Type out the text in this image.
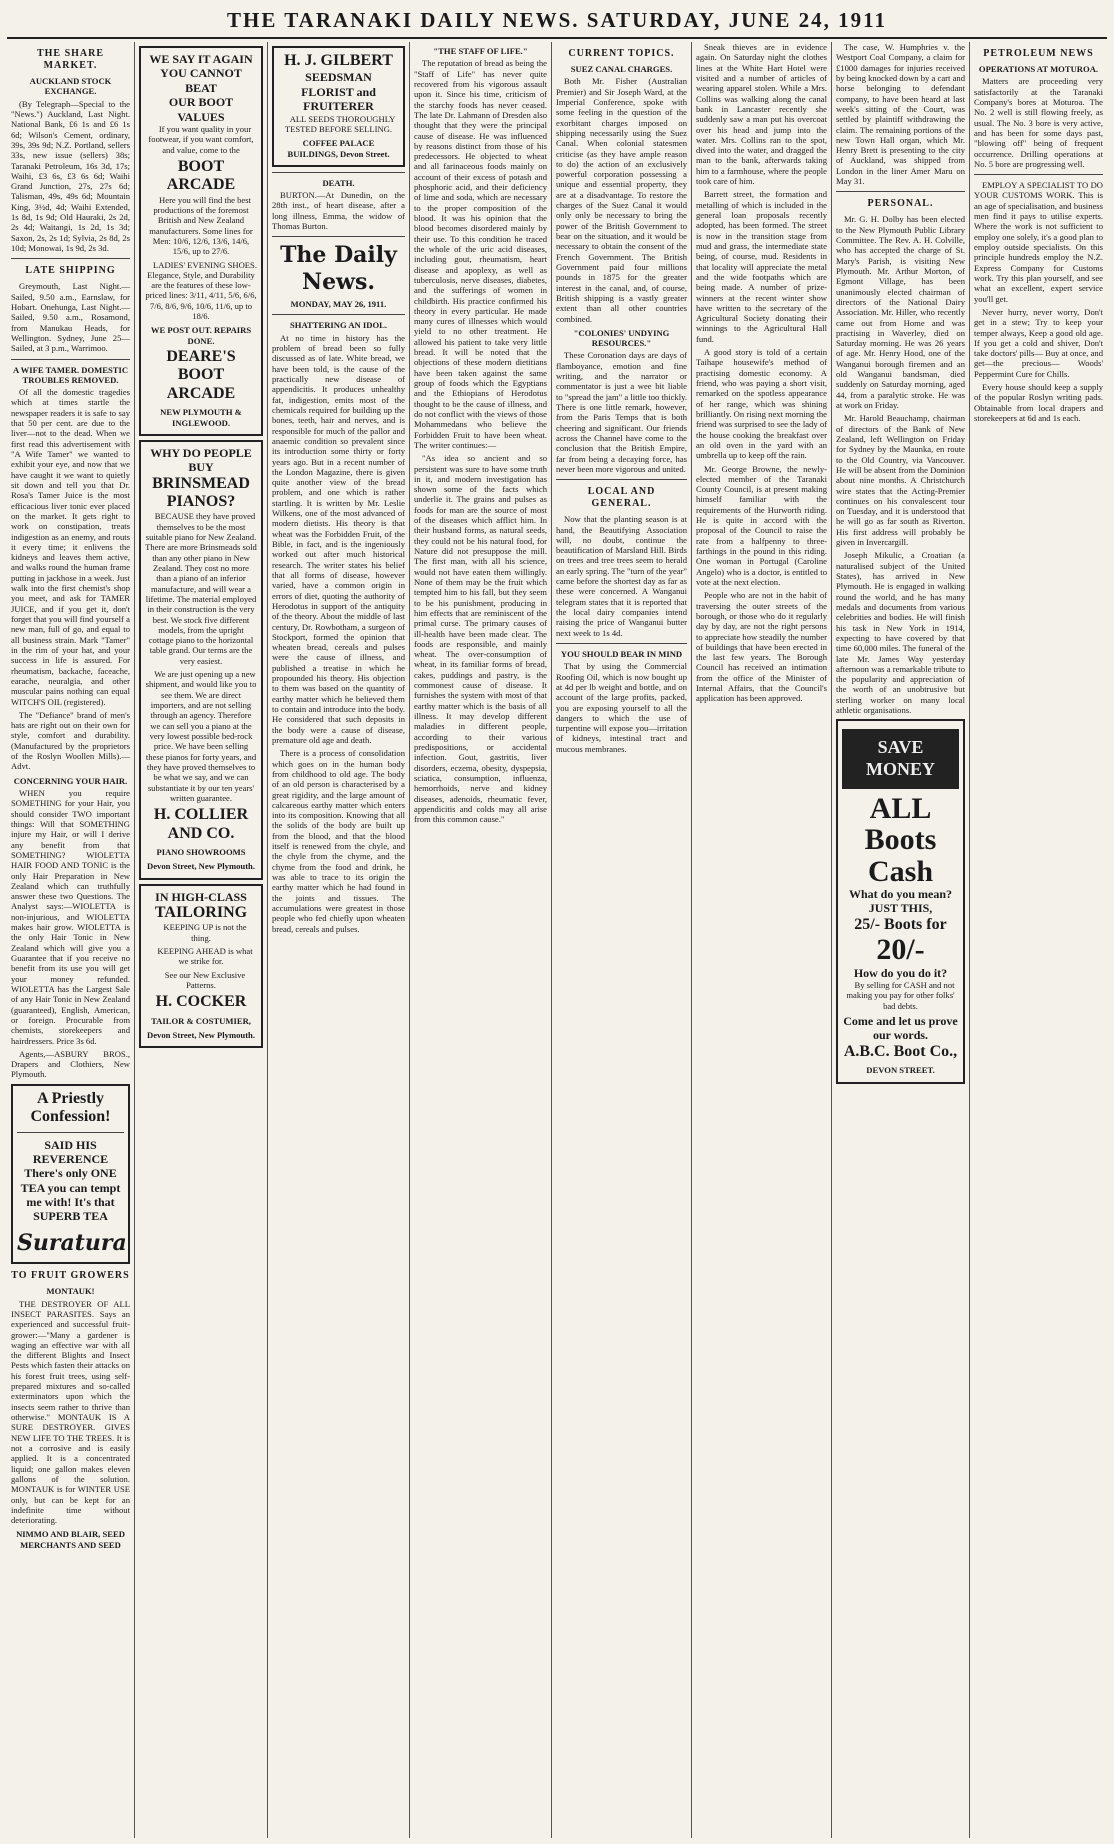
THE TARANAKI DAILY NEWS. SATURDAY, JUNE 24, 1911
THE SHARE MARKET.
AUCKLAND STOCK EXCHANGE.

(By Telegraph—Special to the "News.") Auckland, Last Night. National Bank, £6 1s and £6 1s 6d; Wilson's Cement, ordinary, 39s, 39s 9d; N.Z. Portland, sellers 33s, new issue (sellers) 38s; Taranaki Petroleum, 16s 3d, 17s; Waihi, £3 6s, £3 6s 6d; Waihi Grand Junction, 27s, 27s 6d; Talisman, 49s, 49s 6d; Mountain King, 3½d, 4d; Waihi Extended, 1s 8d, 1s 9d; Old Hauraki, 2s 2d, 2s 4d; Waitangi, 1s 2d, 1s 3d; Saxon, 2s, 2s 1d; Sylvia, 2s 8d, 2s 10d; Monowai, 1s 9d, 2s 3d.

LATE SHIPPING

Greymouth, Last Night.—Sailed, 9.50 a.m., Earnslaw, for Hobart. Onehunga, Last Night.—Sailed, 9.50 a.m., Rosamond, from Manukau Heads, for Wellington. Sydney, June 25—Sailed, at 3 p.m., Warrimoo.

A WIFE TAMER. DOMESTIC TROUBLES REMOVED.

Of all the domestic tragedies which at times startle the newspaper readers it is safe to say that 50 per cent. are due to the liver—not to the dead. When we first read this advertisement with "A Wife Tamer" we wanted to exhibit your eye, and now that we have caught it we want to quietly sit down and tell you that Dr. Rosa's Tamer Juice is the most efficacious liver tonic ever placed on the market. It gets right to work on constipation, treats indigestion as an enemy, and routs it every time; it enlivens the kidneys and leaves them active, and walks round the human frame putting in jackhose in a week. Just walk into the first chemist's shop you meet, and ask for TAMER JUICE, and if you get it, don't forget that you will find yourself a new man, full of go, and equal to all business strain. Mark "Tamer" in the rim of your hat, and your success in life is assured. For rheumatism, backache, faceache, earache, neuralgia, and other muscular pains nothing can equal WITCH'S OIL (registered).

The "Defiance" brand of men's hats are right out on their own for style, comfort and durability. (Manufactured by the proprietors of the Roslyn Woollen Mills).—Advt.

CONCERNING YOUR HAIR.

WHEN you require SOMETHING for your Hair, you should consider TWO important things: Will that SOMETHING injure my Hair, or will I derive any benefit from that SOMETHING? WIOLETTA HAIR FOOD AND TONIC is the only Hair Preparation in New Zealand which can truthfully answer these two Questions. The Analyst says:—WIOLETTA is non-injurious, and WIOLETTA makes hair grow. WIOLETTA is the only Hair Tonic in New Zealand which will give you a Guarantee that if you receive no benefit from its use you will get your money refunded. WIOLETTA has the Largest Sale of any Hair Tonic in New Zealand (guaranteed), English, American, or foreign. Procurable from chemists, storekeepers and hairdressers. Price 3s 6d.

Agents,—ASBURY BROS., Drapers and Clothiers, New Plymouth.

A Priestly
Confession!
SAID HIS REVERENCE
There's only ONE TEA you can tempt me with! It's that
SUPERB TEA
Suratura
TO FRUIT GROWERS
MONTAUK!

THE DESTROYER OF ALL INSECT PARASITES. Says an experienced and successful fruit-grower:—"Many a gardener is waging an effective war with all the different Blights and Insect Pests which fasten their attacks on his forest fruit trees, using self-prepared mixtures and so-called exterminators upon which the insects seem rather to thrive than otherwise." MONTAUK IS A SURE DESTROYER. GIVES NEW LIFE TO THE TREES. It is not a corrosive and is easily applied. It is a concentrated liquid; one gallon makes eleven gallons of the solution. MONTAUK is for WINTER USE only, but can be kept for an indefinite time without deteriorating.

NIMMO AND BLAIR, SEED MERCHANTS AND SEED
WE SAY IT AGAIN
YOU CANNOT BEAT
OUR BOOT VALUES

If you want quality in your footwear, if you want comfort, and value, come to the

BOOT ARCADE

Here you will find the best productions of the foremost British and New Zealand manufacturers. Some lines for Men: 10/6, 12/6, 13/6, 14/6, 15/6, up to 27/6.

LADIES' EVENING SHOES. Elegance, Style, and Durability are the features of these low-priced lines: 3/11, 4/11, 5/6, 6/6, 7/6, 8/6, 9/6, 10/6, 11/6, up to 18/6.

WE POST OUT. REPAIRS DONE.
DEARE'S
BOOT ARCADE
NEW PLYMOUTH & INGLEWOOD.
WHY DO PEOPLE BUY
BRINSMEAD PIANOS?

BECAUSE they have proved themselves to be the most suitable piano for New Zealand. There are more Brinsmeads sold than any other piano in New Zealand. They cost no more than a piano of an inferior manufacture, and will wear a lifetime. The material employed in their construction is the very best. We stock five different models, from the upright cottage piano to the horizontal table grand. Our terms are the very easiest.

We are just opening up a new shipment, and would like you to see them. We are direct importers, and are not selling through an agency. Therefore we can sell you a piano at the very lowest possible bed-rock price. We have been selling these pianos for forty years, and they have proved themselves to be what we say, and we can substantiate it by our ten years' written guarantee.

H. COLLIER AND CO.
PIANO SHOWROOMS
Devon Street, New Plymouth.
IN HIGH-CLASS
TAILORING

KEEPING UP is not the thing.

KEEPING AHEAD is what we strike for.

See our New Exclusive Patterns.

H. COCKER
TAILOR & COSTUMIER,
Devon Street, New Plymouth.
H. J. GILBERT
SEEDSMAN
FLORIST and
FRUITERER

ALL SEEDS THOROUGHLY TESTED BEFORE SELLING.

COFFEE PALACE BUILDINGS, Devon Street.
DEATH.

BURTON.—At Dunedin, on the 28th inst., of heart disease, after a long illness, Emma, the widow of Thomas Burton.

The Daily News.
MONDAY, MAY 26, 1911.
SHATTERING AN IDOL.

At no time in history has the problem of bread been so fully discussed as of late. White bread, we have been told, is the cause of the practically new disease of appendicitis. It produces unhealthy fat, indigestion, emits most of the chemicals required for building up the bones, teeth, hair and nerves, and is responsible for much of the pallor and anaemic condition so prevalent since its introduction some thirty or forty years ago. But in a recent number of the London Magazine, there is given quite another view of the bread problem, and one which is rather startling. It is written by Mr. Leslie Wilkens, one of the most advanced of modern dietists. His theory is that wheat was the Forbidden Fruit, of the Bible, in fact, and is the ingeniously worked out after much historical research. The writer states his belief that all forms of disease, however varied, have a common origin in errors of diet, quoting the authority of Herodotus in support of the antiquity of the theory. About the middle of last century, Dr. Rowbotham, a surgeon of Stockport, formed the opinion that wheaten bread, cereals and pulses were the cause of illness, and published a treatise in which he propounded his theory. His objection to them was based on the quantity of earthy matter which he believed them to contain and introduce into the body. He considered that such deposits in the body were a cause of disease, premature old age and death.

There is a process of consolidation which goes on in the human body from childhood to old age. The body of an old person is characterised by a great rigidity, and the large amount of calcareous earthy matter which enters into its composition. Knowing that all the solids of the body are built up from the blood, and that the blood itself is renewed from the chyle, and the chyle from the chyme, and the chyme from the food and drink, he was able to trace to its origin the earthy matter which he had found in the joints and tissues. The accumulations were greatest in those people who fed chiefly upon wheaten bread, cereals and pulses.

"THE STAFF OF LIFE."

The reputation of bread as being the "Staff of Life" has never quite recovered from his vigorous assault upon it. Since his time, criticism of the starchy foods has never ceased. The late Dr. Lahmann of Dresden also thought that they were the principal cause of disease. He was influenced by reasons distinct from those of his predecessors. He objected to wheat and all farinaceous foods mainly on account of their excess of potash and phosphoric acid, and their deficiency of lime and soda, which are necessary to the proper composition of the blood. It was his opinion that the blood becomes disordered mainly by their use. To this condition he traced the whole of the uric acid diseases, including gout, rheumatism, heart disease and apoplexy, as well as tuberculosis, nerve diseases, diabetes, and the sufferings of women in childbirth. His practice confirmed his theory in every particular. He made many cures of illnesses which would yield to no other treatment. He allowed his patient to take very little bread. It will be noted that the objections of these modern dietitians have been taken against the same group of foods which the Egyptians and the Ethiopians of Herodotus thought to be the cause of illness, and do not conflict with the views of those Mohammedans who believe the Forbidden Fruit to have been wheat. The writer continues:—

"As idea so ancient and so persistent was sure to have some truth in it, and modern investigation has shown some of the facts which underlie it. The grains and pulses as foods for man are the source of most of the diseases which afflict him. In their husband forms, as natural seeds, they could not be his natural food, for Nature did not presuppose the mill. The first man, with all his science, would not have eaten them willingly. None of them may be the fruit which tempted him to his fall, but they seem to be his punishment, producing in him effects that are reminiscent of the primal curse. The primary causes of ill-health have been made clear. The foods are responsible, and mainly wheat. The over-consumption of wheat, in its familiar forms of bread, cakes, puddings and pastry, is the commonest cause of disease. It furnishes the system with most of that earthy matter which is the basis of all illness. It may develop different maladies in different people, according to their various predispositions, or accidental infection. Gout, gastritis, liver disorders, eczema, obesity, dyspepsia, sciatica, consumption, influenza, hemorrhoids, nerve and kidney diseases, adenoids, rheumatic fever, appendicitis and colds may all arise from this common cause."

CURRENT TOPICS.
SUEZ CANAL CHARGES.

Both Mr. Fisher (Australian Premier) and Sir Joseph Ward, at the Imperial Conference, spoke with some feeling in the question of the exorbitant charges imposed on shipping necessarily using the Suez Canal. When colonial statesmen criticise (as they have ample reason to do) the action of an exclusively powerful corporation possessing a unique and essential property, they are at a disadvantage. To restore the charges of the Suez Canal it would only only be necessary to bring the power of the British Government to bear on the situation, and it would be necessary to obtain the consent of the French Government. The British Government paid four millions pounds in 1875 for the greater interest in the canal, and, of course, British shipping is a vastly greater extent than all other countries combined.

"COLONIES' UNDYING RESOURCES."

These Coronation days are days of flamboyance, emotion and fine writing, and the narrator or commentator is just a wee bit liable to "spread the jam" a little too thickly. There is one little remark, however, from the Paris Temps that is both cheering and significant. Our friends across the Channel have come to the conclusion that the British Empire, far from being a decaying force, has never been more vigorous and united.

LOCAL AND GENERAL.

Now that the planting season is at hand, the Beautifying Association will, no doubt, continue the beautification of Marsland Hill. Birds on trees and tree trees seem to herald an early spring. The "turn of the year" came before the shortest day as far as these were concerned. A Wanganui telegram states that it is reported that the local dairy companies intend raising the price of Wanganui butter next week to 1s 4d.

YOU SHOULD BEAR IN MIND

That by using the Commercial Roofing Oil, which is now bought up at 4d per lb weight and bottle, and on account of the large profits, packed, you are exposing yourself to all the dangers to which the use of turpentine will expose you—irritation of kidneys, intestinal tract and mucous membranes.

Sneak thieves are in evidence again. On Saturday night the clothes lines at the White Hart Hotel were visited and a number of articles of wearing apparel stolen. While a Mrs. Collins was walking along the canal bank in Lancaster recently she suddenly saw a man put his overcoat over his head and jump into the water. Mrs. Collins ran to the spot, dived into the water, and dragged the man to the bank, afterwards taking him to a farmhouse, where the people took care of him.

Barrett street, the formation and metalling of which is included in the general loan proposals recently adopted, has been formed. The street is now in the transition stage from mud and grass, the intermediate state being, of course, mud. Residents in that locality will appreciate the metal and the wide footpaths which are being made. A number of prize-winners at the recent winter show have written to the secretary of the Agricultural Society donating their winnings to the Agricultural Hall fund.

A good story is told of a certain Taihape housewife's method of practising domestic economy. A friend, who was paying a short visit, remarked on the spotless appearance of her range, which was shining brilliantly. On rising next morning the friend was surprised to see the lady of the house cooking the breakfast over an old oven in the yard with an umbrella up to keep off the rain.

Mr. George Browne, the newly-elected member of the Taranaki County Council, is at present making himself familiar with the requirements of the Hurworth riding. He is quite in accord with the proposal of the Council to raise the rate from a halfpenny to three-farthings in the pound in this riding. One woman in Portugal (Caroline Angelo) who is a doctor, is entitled to vote at the next election.

People who are not in the habit of traversing the outer streets of the borough, or those who do it regularly day by day, are not the right persons to appreciate how steadily the number of buildings that have been erected in the last few years. The Borough Council has received an intimation from the office of the Minister of Internal Affairs, that the Council's application has been approved.

The case, W. Humphries v. the Westport Coal Company, a claim for £1000 damages for injuries received by being knocked down by a cart and horse belonging to defendant company, to have been heard at last week's sitting of the Court, was settled by plaintiff withdrawing the claim. The remaining portions of the new Town Hall organ, which Mr. Henry Brett is presenting to the city of Auckland, was shipped from London in the liner Amer Maru on May 31.

PERSONAL.

Mr. G. H. Dolby has been elected to the New Plymouth Public Library Committee. The Rev. A. H. Colville, who has accepted the charge of St. Mary's Parish, is visiting New Plymouth. Mr. Arthur Morton, of Egmont Village, has been unanimously elected chairman of directors of the National Dairy Association. Mr. Hiller, who recently came out from Home and was practising in Waverley, died on Saturday morning. He was 26 years of age. Mr. Henry Hood, one of the Wanganui borough firemen and an old Wanganui bandsman, died suddenly on Saturday morning, aged 44, from a paralytic stroke. He was at work on Friday.

Mr. Harold Beauchamp, chairman of directors of the Bank of New Zealand, left Wellington on Friday for Sydney by the Maunka, en route to the Old Country, via Vancouver. He will be absent from the Dominion about nine months. A Christchurch wire states that the Acting-Premier continues on his convalescent tour on Tuesday, and it is understood that he will go as far south as Riverton. His first address will probably be given in Invercargill.

Joseph Mikulic, a Croatian (a naturalised subject of the United States), has arrived in New Plymouth. He is engaged in walking round the world, and he has many medals and documents from various celebrities and bodies. He will finish his task in New York in 1914, expecting to have covered by that time 60,000 miles. The funeral of the late Mr. James Way yesterday afternoon was a remarkable tribute to the popularity and appreciation of the worth of an unobtrusive but sterling worker on many local athletic organisations.

SAVE MONEY
ALL
Boots
Cash
What do you mean?
JUST THIS,
25/- Boots for
20/-
How do you do it?

By selling for CASH and not making you pay for other folks' bad debts.

Come and let us prove our words.
A.B.C. Boot Co.,
DEVON STREET.
PETROLEUM NEWS
OPERATIONS AT MOTUROA.

Matters are proceeding very satisfactorily at the Taranaki Company's bores at Moturoa. The No. 2 well is still flowing freely, as usual. The No. 3 bore is very active, and has been for some days past, "blowing off" being of frequent occurrence. Drilling operations at No. 5 bore are progressing well.

EMPLOY A SPECIALIST TO DO YOUR CUSTOMS WORK. This is an age of specialisation, and business men find it pays to utilise experts. Where the work is not sufficient to employ one solely, it's a good plan to employ outside specialists. On this principle hundreds employ the N.Z. Express Company for Customs work. Try this plan yourself, and see what an excellent, expert service you'll get.

Never hurry, never worry, Don't get in a stew; Try to keep your temper always, Keep a good old age. If you get a cold and shiver, Don't take doctors' pills— Buy at once, and get—the precious— Woods' Peppermint Cure for Chills.

Every house should keep a supply of the popular Roslyn writing pads. Obtainable from local drapers and storekeepers at 6d and 1s each.
